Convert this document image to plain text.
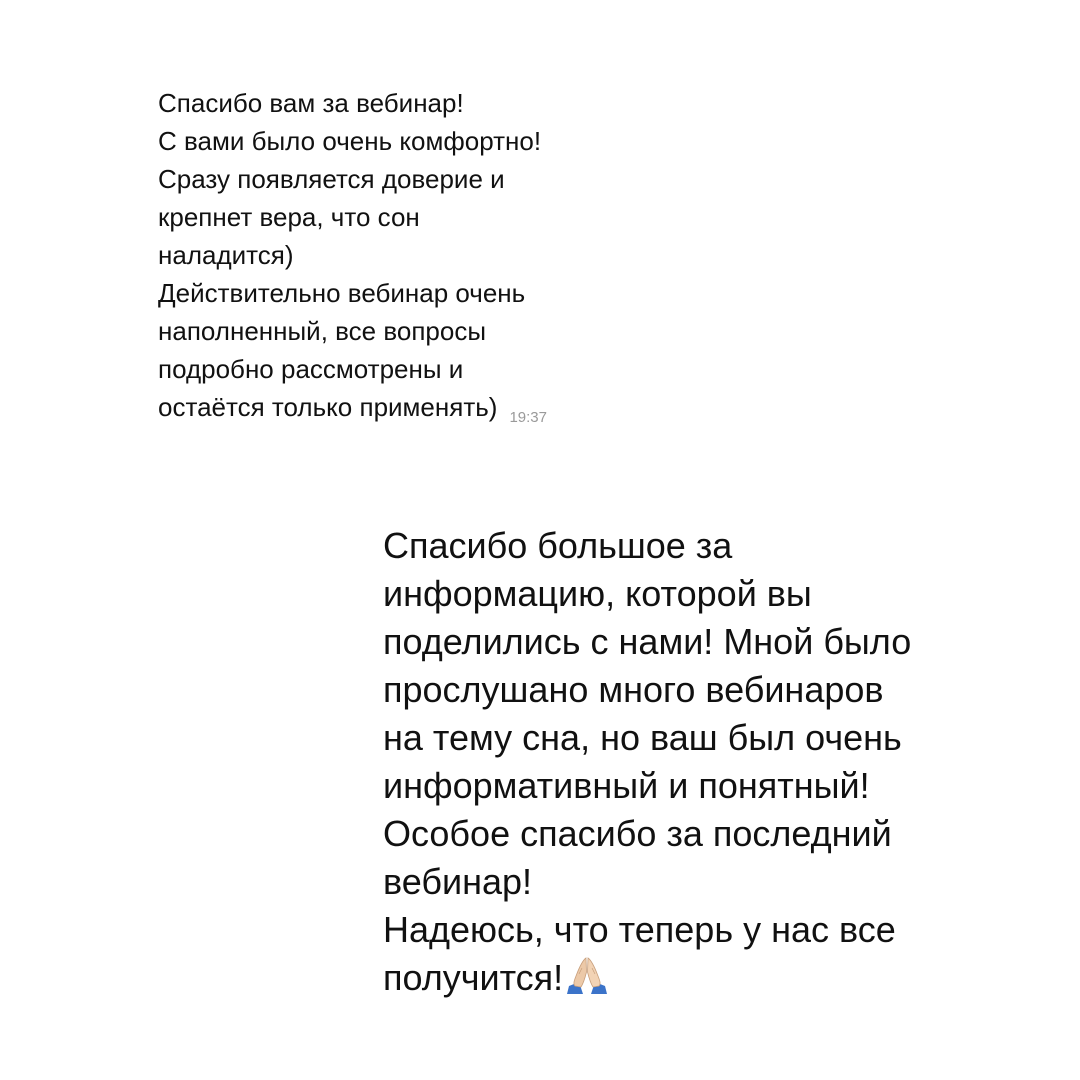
Спасибо вам за вебинар!
С вами было очень комфортно!
Сразу появляется доверие и
крепнет вера, что сон
наладится)
Действительно вебинар очень
наполненный, все вопросы
подробно рассмотрены и
остаётся только применять) $_{19:37}$
Спасибо большое за
информацию, которой вы
поделились с нами! Мной было
прослушано много вебинаров
на тему сна, но ваш был очень
информативный и понятный!
Особое спасибо за последний
вебинар!
Надеюсь, что теперь у нас все
получится!
